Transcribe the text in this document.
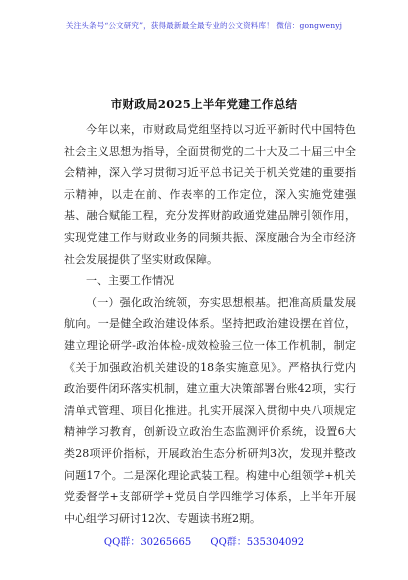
关注头条号“公文研究”，获得最新最全最专业的公文资料库！ 微信：gongwenyj
市财政局2025上半年党建工作总结

今年以来，市财政局党组坚持以习近平新时代中国特色社会主义思想为指导，全面贯彻党的二十大及二十届三中全会精神，深入学习贯彻习近平总书记关于机关党建的重要指示精神，以走在前、作表率的工作定位，深入实施党建强基、融合赋能工程，充分发挥财韵政通党建品牌引领作用，实现党建工作与财政业务的同频共振、深度融合为全市经济社会发展提供了坚实财政保障。

一、主要工作情况

（一）强化政治统领，夯实思想根基。把准高质量发展航向。一是健全政治建设体系。坚持把政治建设摆在首位，建立理论研学-政治体检-成效检验三位一体工作机制，制定《关于加强政治机关建设的18条实施意见》。严格执行党内政治要件闭环落实机制，建立重大决策部署台账42项，实行清单式管理、项目化推进。扎实开展深入贯彻中央八项规定精神学习教育，创新设立政治生态监测评价系统，设置6大类28项评价指标，开展政治生态分析研判3次，发现并整改问题17个。二是深化理论武装工程。构建中心组领学+机关党委督学+支部研学+党员自学四维学习体系，上半年开展中心组学习研讨12次、专题读书班2期。

QQ群：30265665 QQ群：535304092
